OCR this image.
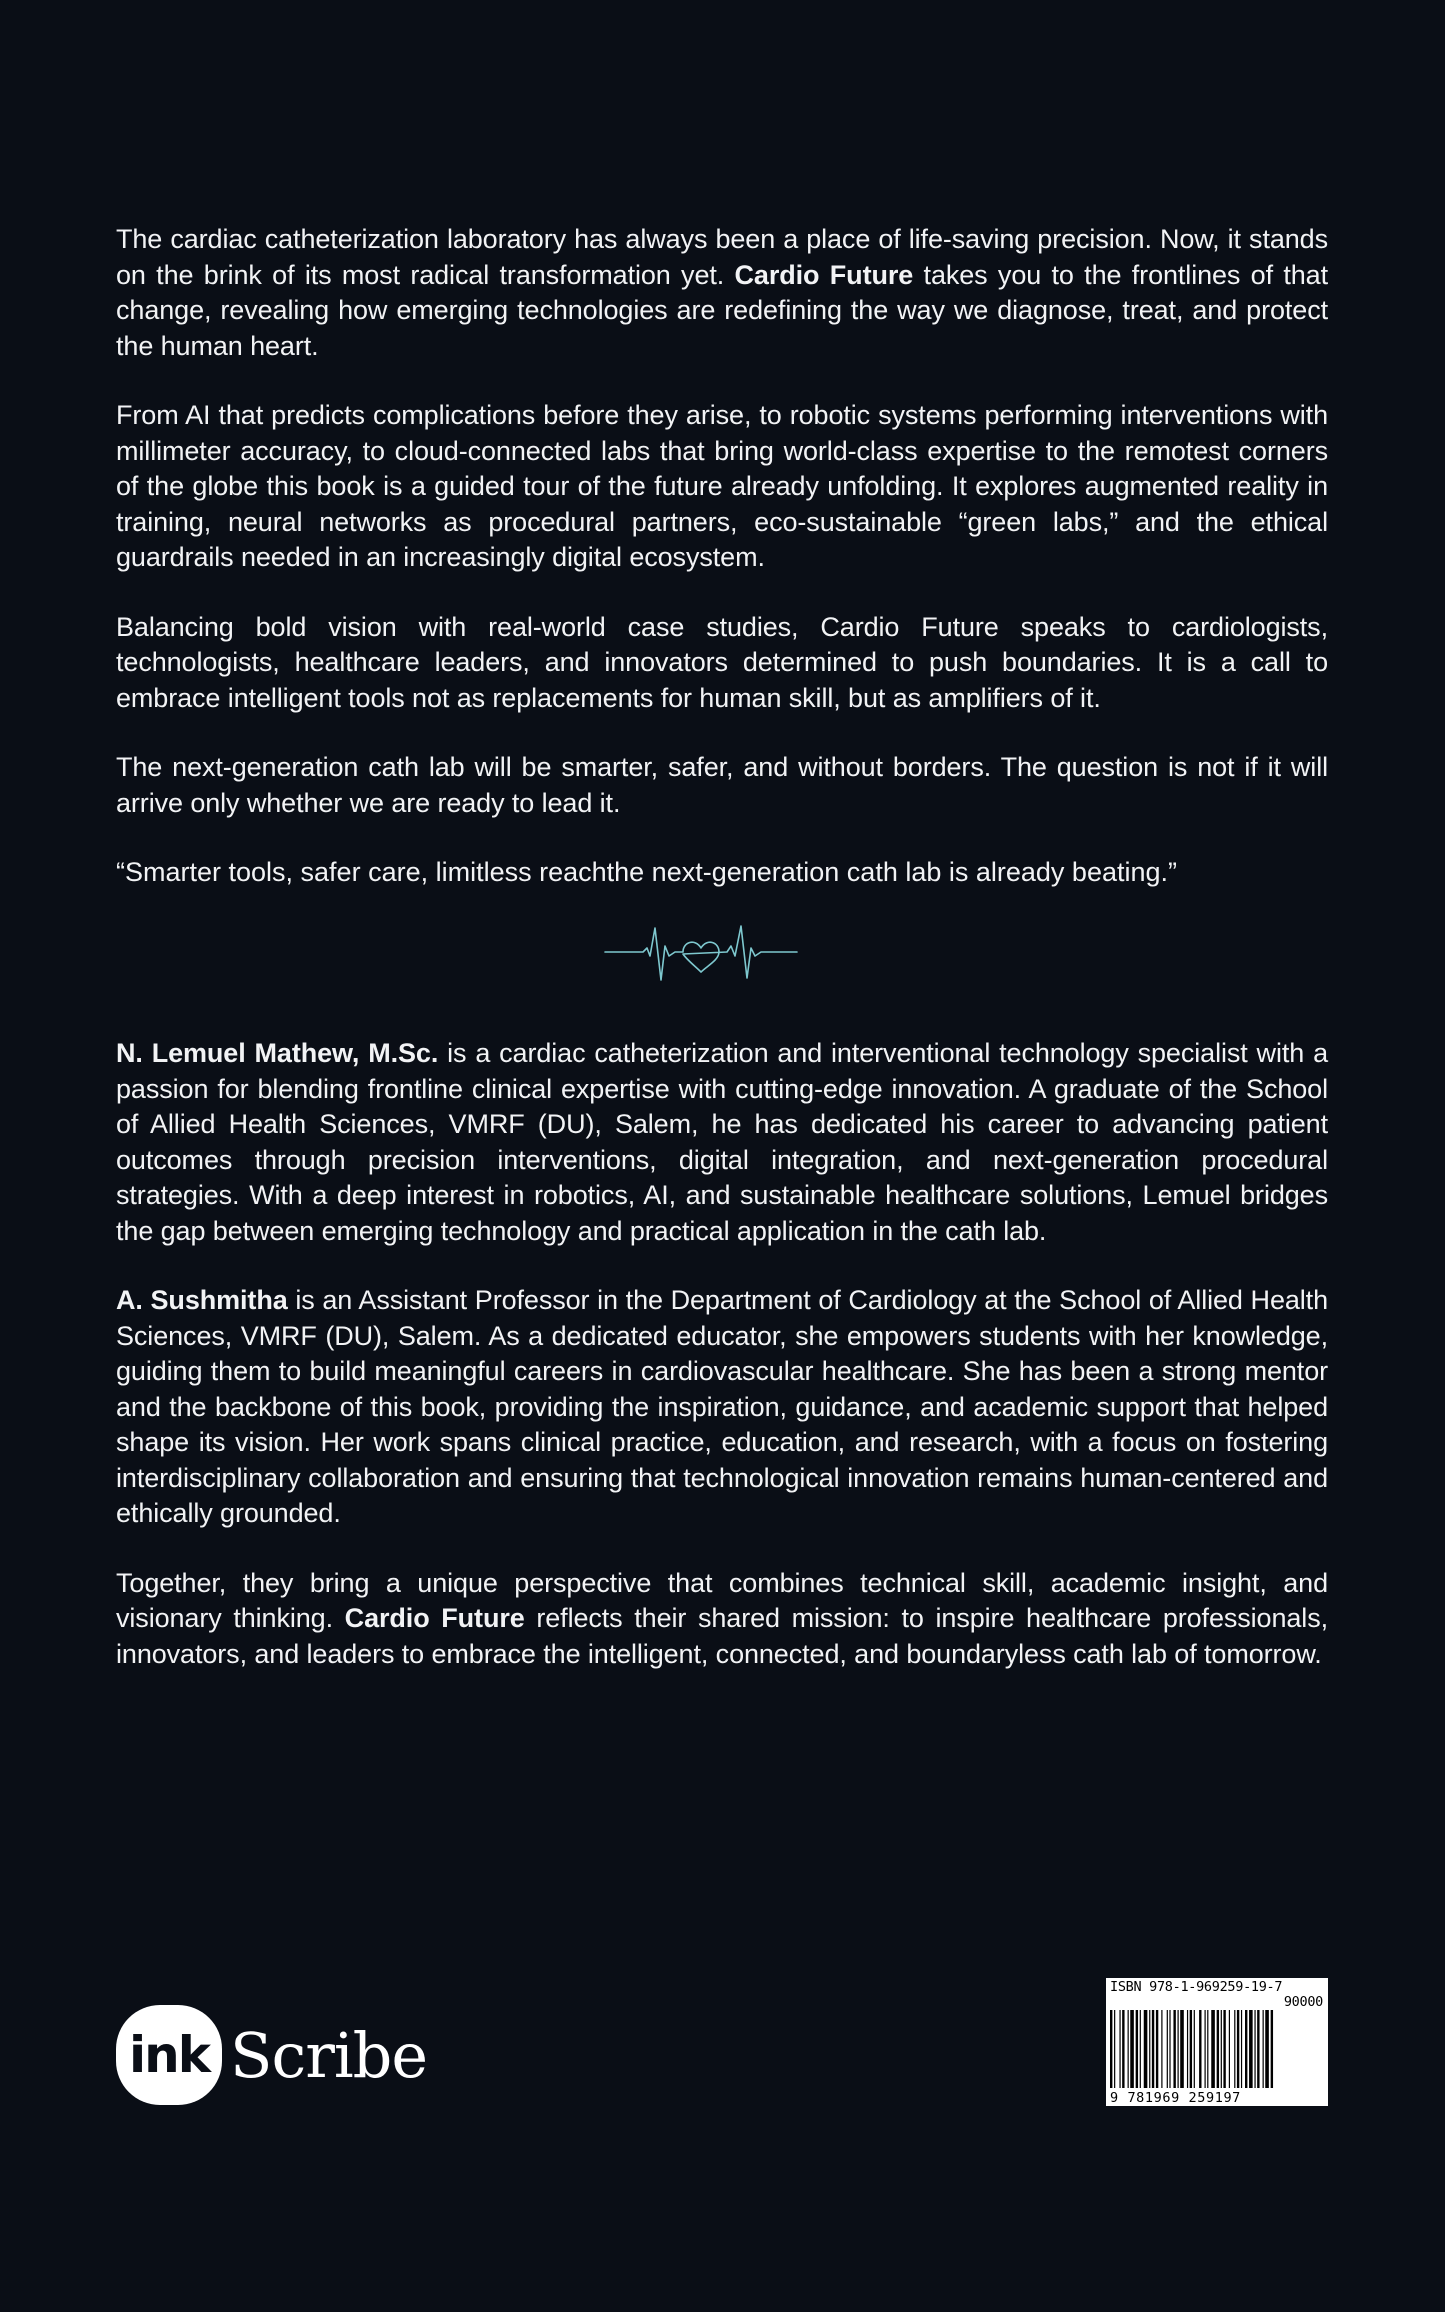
The cardiac catheterization laboratory has always been a place of life-saving precision. Now, it stands on the brink of its most radical transformation yet. Cardio Future takes you to the frontlines of that change, revealing how emerging technologies are redefining the way we diagnose, treat, and protect the human heart.

From AI that predicts complications before they arise, to robotic systems performing interventions with millimeter accuracy, to cloud-connected labs that bring world-class expertise to the remotest corners of the globe this book is a guided tour of the future already unfolding. It explores augmented reality in training, neural networks as procedural partners, eco-sustainable “green labs,” and the ethical guardrails needed in an increasingly digital ecosystem.

Balancing bold vision with real-world case studies, Cardio Future speaks to cardiologists, technologists, healthcare leaders, and innovators determined to push boundaries. It is a call to embrace intelligent tools not as replacements for human skill, but as amplifiers of it.

The next-generation cath lab will be smarter, safer, and without borders. The question is not if it will arrive only whether we are ready to lead it.

“Smarter tools, safer care, limitless reachthe next-generation cath lab is already beating.”

N. Lemuel Mathew, M.Sc. is a cardiac catheterization and interventional technology specialist with a passion for blending frontline clinical expertise with cutting-edge innovation. A graduate of the School of Allied Health Sciences, VMRF (DU), Salem, he has dedicated his career to advancing patient outcomes through precision interventions, digital integration, and next-generation procedural strategies. With a deep interest in robotics, AI, and sustainable healthcare solutions, Lemuel bridges the gap between emerging technology and practical application in the cath lab.

A. Sushmitha is an Assistant Professor in the Department of Cardiology at the School of Allied Health Sciences, VMRF (DU), Salem. As a dedicated educator, she empowers students with her knowledge, guiding them to build meaningful careers in cardiovascular healthcare. She has been a strong mentor and the backbone of this book, providing the inspiration, guidance, and academic support that helped shape its vision. Her work spans clinical practice, education, and research, with a focus on fostering interdisciplinary collaboration and ensuring that technological innovation remains human-centered and ethically grounded.

Together, they bring a unique perspective that combines technical skill, academic insight, and visionary thinking. Cardio Future reflects their shared mission: to inspire healthcare professionals, innovators, and leaders to embrace the intelligent, connected, and boundaryless cath lab of tomorrow.

ink Scribe
ISBN 978-1-969259-19-7
90000
9 781969 259197
